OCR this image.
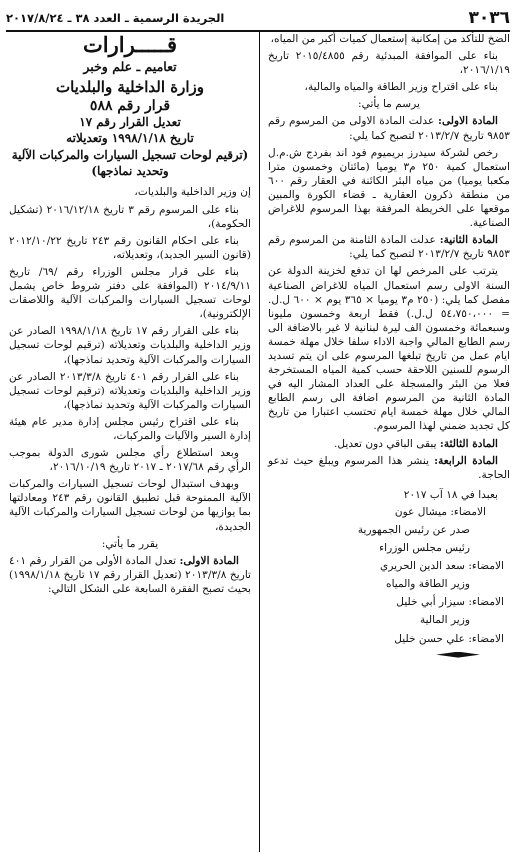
٣٠٣٦
الجريدة الرسمية ـ العدد ٣٨ ـ ٢٠١٧/٨/٢٤

الضخ للتأكد من إمكانية إستعمال كميات أكبر من المياه،

بناء على الموافقة المبدئية رقم ٢٠١٥/٤٨٥٥ تاريخ ٢٠١٦/١/١٩،

بناء على اقتراح وزير الطاقة والمياه والمالية،

يرسم ما يأتي:

المادة الاولى: عدلت المادة الاولى من المرسوم رقم ٩٨٥٣ تاريخ ٢٠١٣/٢/٧ لتصبح كما يلي:

رخص لشركة سيدرز بريميوم فود اند بفردج ش.م.ل استعمال كمية ٢٥٠ م٣ يوميا (مائتان وخمسون مترا مكعبا يوميا) من مياه البئر الكائنة في العقار رقم ٦٠٠ من منطقة ذكرون العقارية ـ قضاء الكورة والمبين موقعها على الخريطة المرفقة بهذا المرسوم للاغراض الصناعية.

المادة الثانية: عدلت المادة الثامنة من المرسوم رقم ٩٨٥٣ تاريخ ٢٠١٣/٢/٧ لتصبح كما يلي:

يترتب على المرخص لها ان تدفع لخزينة الدولة عن السنة الاولى رسم استعمال المياه للاغراض الصناعية مفصل كما يلي: (٢٥٠ م٣ يوميا × ٣٦٥ يوم × ٦٠٠ ل.ل. = ٥٤،٧٥٠،٠٠٠ ل.ل.) فقط اربعة وخمسون مليونا وسبعمائة وخمسون الف ليرة لبنانية لا غير بالاضافة الى رسم الطابع المالي واجبة الاداء سلفا خلال مهلة خمسة ايام عمل من تاريخ تبلغها المرسوم على ان يتم تسديد الرسوم للسنين اللاحقة حسب كمية المياه المستخرجة فعلا من البئر والمسجلة على العداد المشار اليه في المادة الثانية من المرسوم اضافة الى رسم الطابع المالي خلال مهلة خمسة ايام تحتسب اعتبارا من تاريخ كل تجديد ضمني لهذا المرسوم.

المادة الثالثة: يبقى الباقي دون تعديل.

المادة الرابعة: ينشر هذا المرسوم ويبلغ حيث تدعو الحاجة.

بعبدا في ١٨ آب ٢٠١٧

الامضاء: ميشال عون

صدر عن رئيس الجمهورية

رئيس مجلس الوزراء

الامضاء: سعد الدين الحريري

وزير الطاقة والمياه

الامضاء: سيزار أبي خليل

وزير المالية

الامضاء: علي حسن خليل

قـــــرارات
تعاميم ـ علم وخبر
وزارة الداخلية والبلديات
قرار رقم ٥٨٨
تعديل القرار رقم ١٧
تاريخ ١٩٩٨/١/١٨ وتعديلاته
(ترقيم لوحات تسجيل السيارات والمركبات الآلية وتحديد نماذجها)

إن وزير الداخلية والبلديات،

بناء على المرسوم رقم ٣ تاريخ ٢٠١٦/١٢/١٨ (تشكيل الحكومة)،

بناء على احكام القانون رقم ٢٤٣ تاريخ ٢٠١٢/١٠/٢٢ (قانون السير الجديد)، وتعديلاته،

بناء على قرار مجلس الوزراء رقم /٦٩/ تاريخ ٢٠١٤/٩/١١ (الموافقة على دفتر شروط خاص يشمل لوحات تسجيل السيارات والمركبات الآلية واللاصقات الإلكترونية)،

بناء على القرار رقم ١٧ تاريخ ١٩٩٨/١/١٨ الصادر عن وزير الداخلية والبلديات وتعديلاته (ترقيم لوحات تسجيل السيارات والمركبات الآلية وتحديد نماذجها)،

بناء على القرار رقم ٤٠١ تاريخ ٢٠١٣/٣/٨ الصادر عن وزير الداخلية والبلديات وتعديلاته (ترقيم لوحات تسجيل السيارات والمركبات الآلية وتحديد نماذجها)،

بناء على اقتراح رئيس مجلس إدارة مدير عام هيئة إدارة السير والآليات والمركبات،

وبعد استطلاع رأي مجلس شورى الدولة بموجب الرأي رقم ٢٠١٧/٦٨ ـ ٢٠١٧ تاريخ ٢٠١٦/١٠/١٩،

وبهدف استبدال لوحات تسجيل السيارات والمركبات الآلية الممنوحة قبل تطبيق القانون رقم ٢٤٣ ومعادلتها بما يوازيها من لوحات تسجيل السيارات والمركبات الآلية الجديدة،

يقرر ما يأتي:

المادة الاولى: تعدل المادة الأولى من القرار رقم ٤٠١ تاريخ ٢٠١٣/٣/٨ (تعديل القرار رقم ١٧ تاريخ ١٩٩٨/١/١٨) بحيث تصبح الفقرة السابعة على الشكل التالي:
